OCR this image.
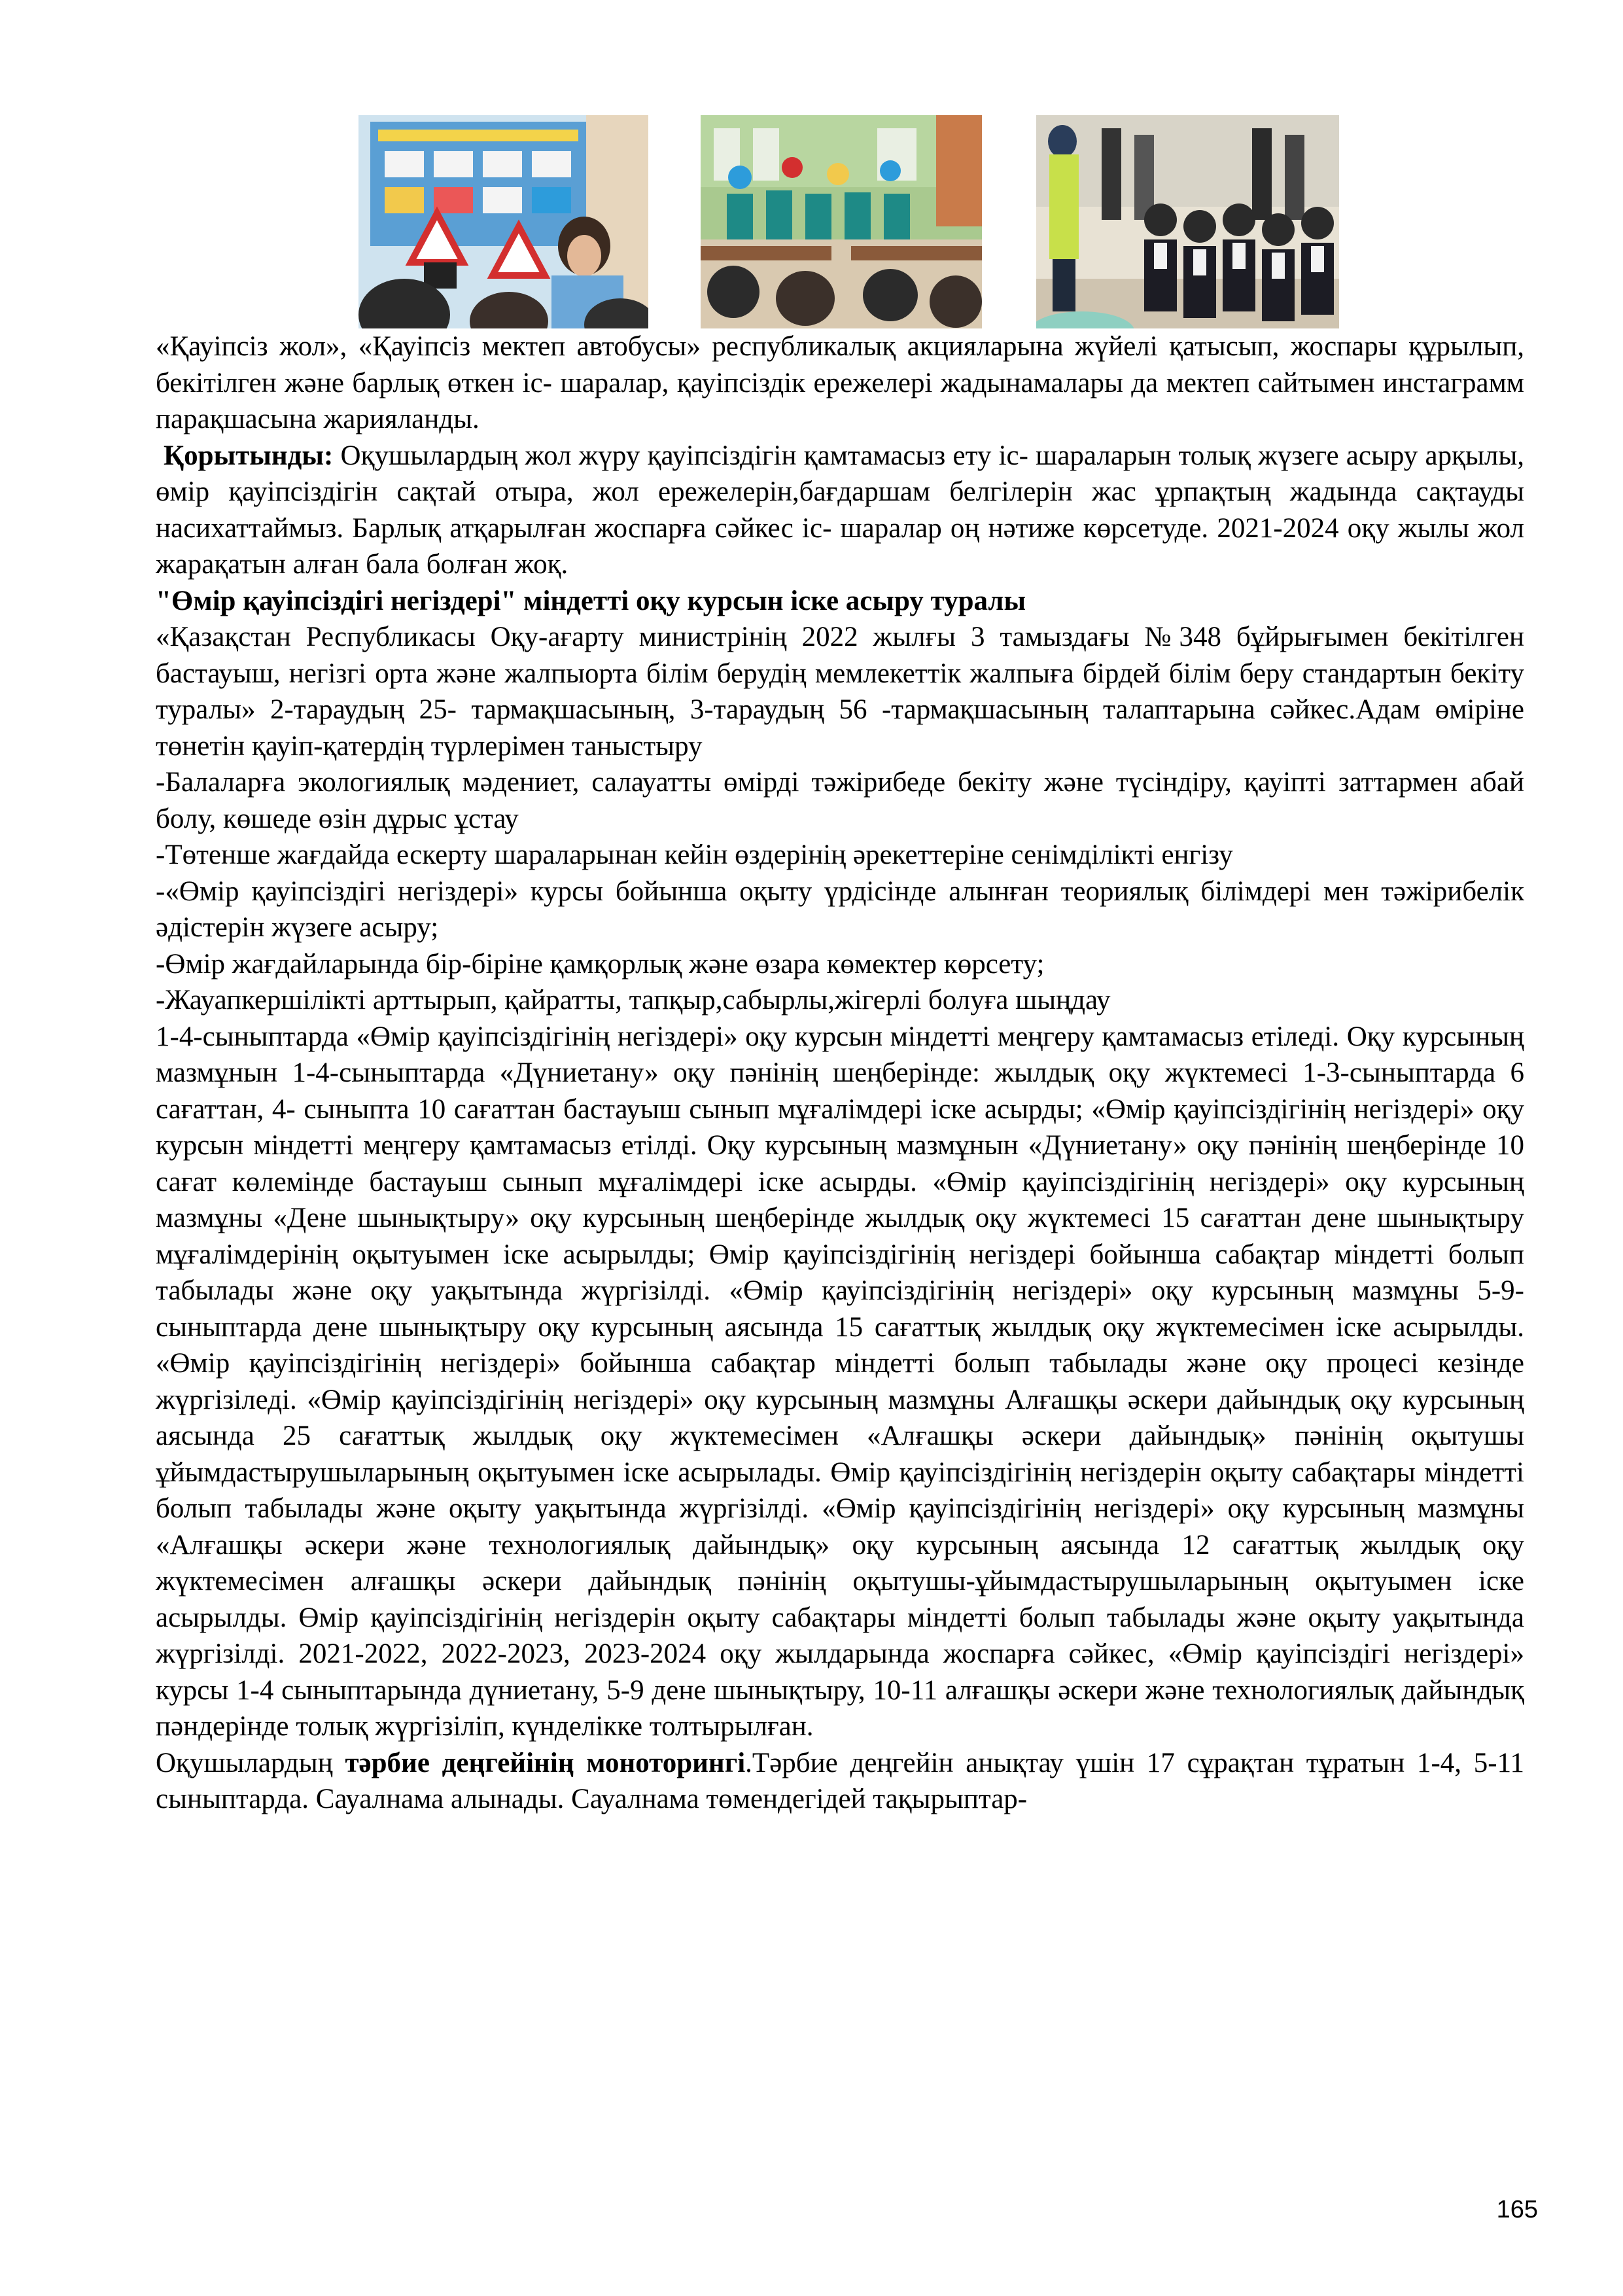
«Қауіпсіз жол», «Қауіпсіз мектеп автобусы» республикалық акцияларына жүйелі қатысып, жоспары құрылып, бекітілген және барлық өткен іс- шаралар, қауіпсіздік ережелері жадынамалары да мектеп сайтымен инстаграмм парақшасына жарияланды.

Қорытынды: Оқушылардың жол жүру қауіпсіздігін қамтамасыз ету іс- шараларын толық жүзеге асыру арқылы, өмір қауіпсіздігін сақтай отыра, жол ережелерін,бағдаршам белгілерін жас ұрпақтың жадында сақтауды насихаттаймыз. Барлық атқарылған жоспарға сәйкес іс- шаралар оң нәтиже көрсетуде. 2021-2024 оқу жылы жол жарақатын алған бала болған жоқ.

"Өмір қауіпсіздігі негіздері" міндетті оқу курсын іске асыру туралы

«Қазақстан Республикасы Оқу-ағарту министрінің 2022 жылғы 3 тамыздағы №348 бұйрығымен бекітілген бастауыш, негізгі орта және жалпыорта білім берудің мемлекеттік жалпыға бірдей білім беру стандартын бекіту туралы» 2-тараудың 25- тармақшасының, 3-тараудың 56 -тармақшасының талаптарына сәйкес.Адам өміріне төнетін қауіп-қатердің түрлерімен таныстыру

-Балаларға экологиялық мәдениет, салауатты өмірді тәжірибеде бекіту және түсіндіру, қауіпті заттармен абай болу, көшеде өзін дұрыс ұстау

-Төтенше жағдайда ескерту шараларынан кейін өздерінің әрекеттеріне сенімділікті енгізу

-«Өмір қауіпсіздігі негіздері» курсы бойынша оқыту үрдісінде алынған теориялық білімдері мен тәжірибелік әдістерін жүзеге асыру;

-Өмір жағдайларында бір-біріне қамқорлық және өзара көмектер көрсету;

-Жауапкершілікті арттырып, қайратты, тапқыр,сабырлы,жігерлі болуға шыңдау

1-4-сыныптарда «Өмір қауіпсіздігінің негіздері» оқу курсын міндетті меңгеру қамтамасыз етіледі. Оқу курсының мазмұнын 1-4-сыныптарда «Дүниетану» оқу пәнінің шеңберінде: жылдық оқу жүктемесі 1-3-сыныптарда 6 сағаттан, 4- сыныпта 10 сағаттан бастауыш сынып мұғалімдері іске асырды; «Өмір қауіпсіздігінің негіздері» оқу курсын міндетті меңгеру қамтамасыз етілді. Оқу курсының мазмұнын «Дүниетану» оқу пәнінің шеңберінде 10 сағат көлемінде бастауыш сынып мұғалімдері іске асырды. «Өмір қауіпсіздігінің негіздері» оқу курсының мазмұны «Дене шынықтыру» оқу курсының шеңберінде жылдық оқу жүктемесі 15 сағаттан дене шынықтыру мұғалімдерінің оқытуымен іске асырылды; Өмір қауіпсіздігінің негіздері бойынша сабақтар міндетті болып табылады және оқу уақытында жүргізілді. «Өмір қауіпсіздігінің негіздері» оқу курсының мазмұны 5-9- сыныптарда дене шынықтыру оқу курсының аясында 15 сағаттық жылдық оқу жүктемесімен іске асырылды. «Өмір қауіпсіздігінің негіздері» бойынша сабақтар міндетті болып табылады және оқу процесі кезінде жүргізіледі. «Өмір қауіпсіздігінің негіздері» оқу курсының мазмұны Алғашқы әскери дайындық оқу курсының аясында 25 сағаттық жылдық оқу жүктемесімен «Алғашқы әскери дайындық» пәнінің оқытушы ұйымдастырушыларының оқытуымен іске асырылады. Өмір қауіпсіздігінің негіздерін оқыту сабақтары міндетті болып табылады және оқыту уақытында жүргізілді. «Өмір қауіпсіздігінің негіздері» оқу курсының мазмұны «Алғашқы әскери және технологиялық дайындық» оқу курсының аясында 12 сағаттық жылдық оқу жүктемесімен алғашқы әскери дайындық пәнінің оқытушы-ұйымдастырушыларының оқытуымен іске асырылды. Өмір қауіпсіздігінің негіздерін оқыту сабақтары міндетті болып табылады және оқыту уақытында жүргізілді. 2021-2022, 2022-2023, 2023-2024 оқу жылдарында жоспарға сәйкес, «Өмір қауіпсіздігі негіздері» курсы 1-4 сыныптарында дүниетану, 5-9 дене шынықтыру, 10-11 алғашқы әскери және технологиялық дайындық пәндерінде толық жүргізіліп, күнделікке толтырылған.

Оқушылардың тәрбие деңгейінің моноторингі.Тәрбие деңгейін анықтау үшін 17 сұрақтан тұратын 1-4, 5-11 сыныптарда. Сауалнама алынады. Сауалнама төмендегідей тақырыптар-

165
